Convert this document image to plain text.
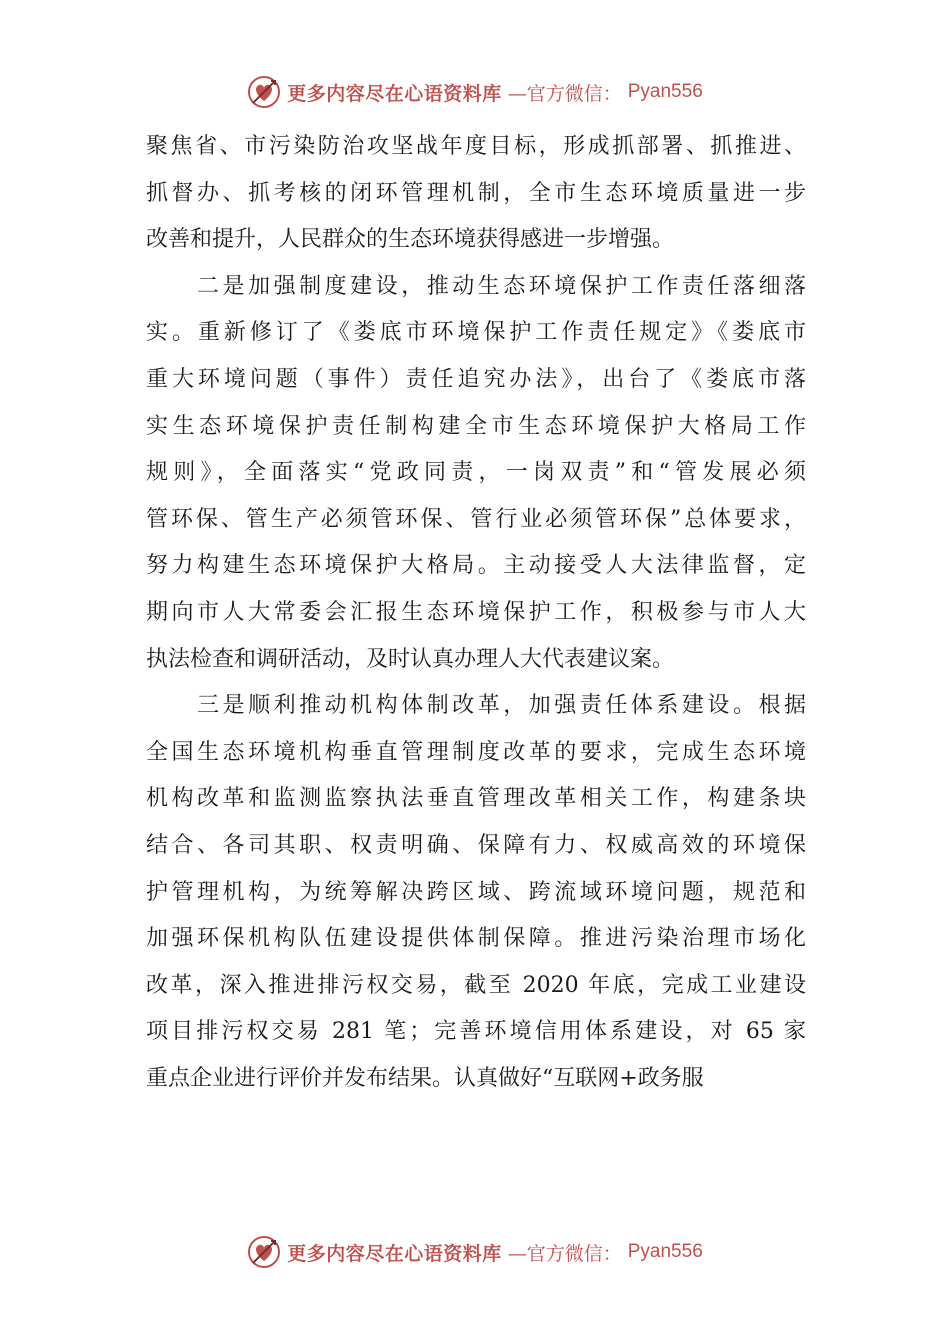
更多内容尽在心语资料库 —官方微信： Pyan556
聚焦省、市污染防治攻坚战年度目标，形成抓部署、抓推进、
抓督办、抓考核的闭环管理机制，全市生态环境质量进一步
改善和提升，人民群众的生态环境获得感进一步增强。
　　二是加强制度建设，推动生态环境保护工作责任落细落
实。重新修订了《娄底市环境保护工作责任规定》《娄底市
重大环境问题（事件）责任追究办法》，出台了《娄底市落
实生态环境保护责任制构建全市生态环境保护大格局工作
规则》，全面落实“党政同责，一岗双责”和“管发展必须
管环保、管生产必须管环保、管行业必须管环保”总体要求，
努力构建生态环境保护大格局。主动接受人大法律监督，定
期向市人大常委会汇报生态环境保护工作，积极参与市人大
执法检查和调研活动，及时认真办理人大代表建议案。
　　三是顺利推动机构体制改革，加强责任体系建设。根据
全国生态环境机构垂直管理制度改革的要求，完成生态环境
机构改革和监测监察执法垂直管理改革相关工作，构建条块
结合、各司其职、权责明确、保障有力、权威高效的环境保
护管理机构，为统筹解决跨区域、跨流域环境问题，规范和
加强环保机构队伍建设提供体制保障。推进污染治理市场化
改革，深入推进排污权交易，截至 2020 年底，完成工业建设
项目排污权交易 281 笔；完善环境信用体系建设，对 65 家
重点企业进行评价并发布结果。认真做好“互联网+政务服
更多内容尽在心语资料库 —官方微信： Pyan556
